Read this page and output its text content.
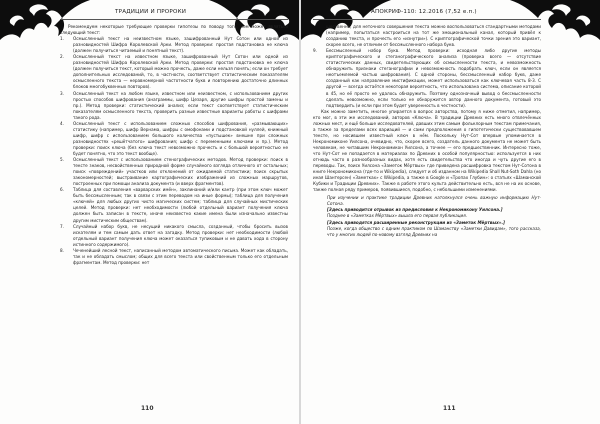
ТРАДИЦИИ И ПРОРОКИ

Рекомендуем некоторые требующие проверки гипотезы по поводу того, чем может являться следующий текст:

1. Осмысленный текст на неизвестном языке, зашифрованный Нут Сотон или одной из разновидностей Шифра Королевской Арки. Метод проверки: простая подстановка не ключа (должен получиться читаемый и понятный текст).
2. Осмысленный текст на известном языке, зашифрованный Нут Сотон или одной из разновидностей Шифра Королевской Арки. Метод проверки: простая подстановка не ключа (должен получиться текст, который можно прочесть, даже если нельзя понять; если он требует дополнительных исследований, то, в частности, соответствует статистическим показателям осмысленного текста — неравномерной частотности букв и повторению достаточно длинных блоков многобуквенных повторов).
3. Осмысленный текст на любом языке, известном или неизвестном, с использованием других простых способов шифрования (анаграммы, шифр Цезаря, другие шифры простой замены и пр.). Метод проверки: статистический анализ; если текст соответствует статистическим показателям осмысленного текста, проверить разные известные варианты работы с шифрами такого рода.
4. Осмысленный текст с использованием сложных способов шифрования, «размывающих» статистику (например, шифр Вернама, шифры с омофонами и подстановкой нуллей, книжный шифр, шифр с использованием большого количества «пустышек» внешне при сложных разновидностях «решётчатого» шифрования; шифр с переменными ключами и пр.). Метод проверки: поиск ключа (без ключа текст невозможно прочесть и с большой вероятностью не будет понятно, что это текст вообще).
5. Осмысленный текст с использованием стенографических методов. Метод проверки: поиск в тексте знаков, несвойственных природной форме случайного взгляда отличного от остальных; поиск «повреждений» участков или отклонений от ожидаемой статистики; поиск скрытых закономерностей; выстраивание картографических изображений из сложных маршрутов, построенных при помощи анализа документа (и вверх фрагментов).
6. Таблица для составления «варварских имён», заклинаний и/или кантр (при этом ключ может быть бессмысленным; так в связи с этим переводом на иные формы); таблица для получения «ключей» для любых других чисто магических систем; таблица для случайных мистических целей. Метод проверки: нет необходимости (любой отдельный вариант получения ключа должен быть записан в тексте, иначе неизвестно какие имена были изначально известны другим мистическим обществам).
7. Случайный набор букв, не несущий никакого смысла, созданный, чтобы бросить вызов искателям и тем самым дать ответ на загадку. Метод проверки: нет необходимости (любой отдельный вариант получения ключа может оказаться тупиковым и не давать хода в сторону истинного содержимого).
8. Чеченейший лесной текст, написанный методом автоматического письма. Может как обладать, так и не обладать смыслом; общих для всего текста или свойственным только его отдельным фрагментам. Метод проверки: нет
110
АПОКРИФ-110: 12.2016 (7,52 е.п.)

щественно; для неточного совершения текста можно воспользоваться стандартными методами (например, попытаться настроиться на тот же эмоциональный канал, который привёл к созданию текста, и прочесть его «изнутри»). С криптографической точки зрения это вариант, скорее всего, не отличим от бессмысленного набора букв.

9. Бессмысленный набор букв. Метод проверки: исходная либо другие методы криптографического и стеганографического анализа (проверка всего — отсутствие статистических данных, свидетельствующих об осмысленности текста, и невозможность обнаружить признаки стеганографии и невозможность подобрать ключ, если он является неотъемлемой частью шифрования). С одной стороны, бессмысленный набор букв, даже созданный как направление мистификации, может использоваться как ключевая часть 8-3. С другой — всегда остаётся некоторая вероятность, что использована система, описание которой в 45, но её просто не удалось обнаружить. Поэтому однозначный вывод о бессмысленности сделать невозможно, если только не обнаружится автор данного документа, готовый это подтвердить (и если при этом будет уверенность в честности).

Как можно заметить, многое упирается в вопрос авторства, потому я ниже отметил, например, кто мог, в эти же исследований, авторов «Ключа». В традиции Древних есть много отвлечённых ложных мест, и ещё больше исследователей, давших этим самым фольклорным текстам примечания, а также за пределами всех вариаций — и сами предположения о гипотетически существовавшем тексте, но носившем известный ключ в нём. Поскольку Нут-Сот впервые упоминается в Некрономиконе Уилсона, очевидно, что, скорее всего, создатель данного документа не может быть человеком, не читавшим Некрономикон Уилсона, а точнее — его предшественник. Интересно тоже, что Нут-Сот не попадается в материалах по Древних в особой популярностью: используется в них отнюдь часто в разнообразных видах, хотя есть свидетельства что иногда и чуть другие его в переводы. Так, поиск Уилсона «Заметок Мёртвых» где приведена расшифровка текстом Нут-Сотона в книге Некрономикона (где-то и Wikipedia), следует и об изданном на Wikipedia Shall Nut-Soth Dahla (но иная Шантерсен) «Заметках» с Wikipedia, а также в Google и «Тропах Глубин»: о статьях «Шаманской Кубики и Традиции Древних». Также в работе этого культа действительно есть, вся не на их основе, также полная ряду примеров, появившиеся, подобно, с небольшими изменениями.

При изучении и практике традиции Древних натолкнулся очень важную информацию Нут-Сотона.

[Здесь приводится отрывок из предисловия к Некрономикону Уилсона.]

Позднее в «Заметках Мёртвых» вышла его первая публикация.

[Здесь приводятся расширенные реконструкции из «Заметок Мёртвых».]

Позже, когда общество с одним практиком по Шаманству «Заметки Давидам», того рассказа, что у многих людей по-новому взгляд Древних на

111
